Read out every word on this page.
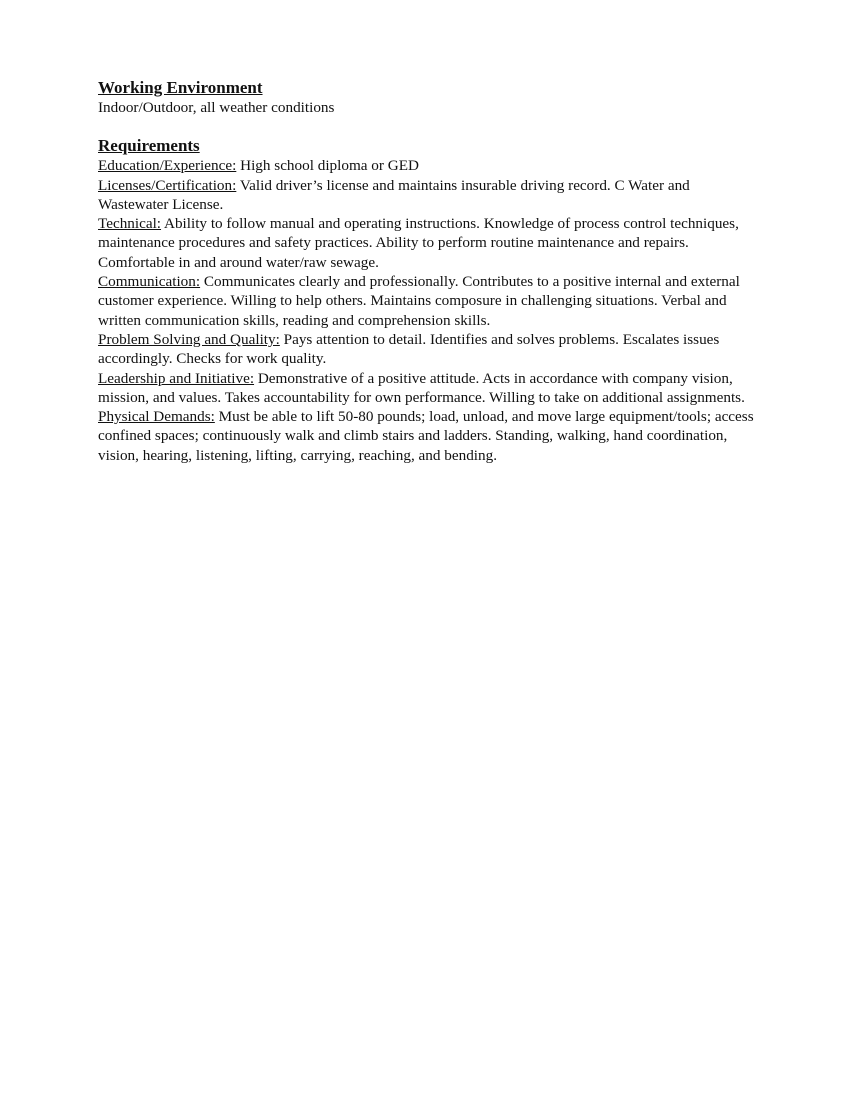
Working Environment

Indoor/Outdoor, all weather conditions

Requirements

Education/Experience: High school diploma or GED

Licenses/Certification: Valid driver’s license and maintains insurable driving record. C Water and Wastewater License.

Technical: Ability to follow manual and operating instructions. Knowledge of process control techniques, maintenance procedures and safety practices. Ability to perform routine maintenance and repairs. Comfortable in and around water/raw sewage.

Communication: Communicates clearly and professionally. Contributes to a positive internal and external customer experience. Willing to help others. Maintains composure in challenging situations. Verbal and written communication skills, reading and comprehension skills.

Problem Solving and Quality: Pays attention to detail. Identifies and solves problems. Escalates issues accordingly. Checks for work quality.

Leadership and Initiative: Demonstrative of a positive attitude. Acts in accordance with company vision, mission, and values. Takes accountability for own performance. Willing to take on additional assignments.

Physical Demands: Must be able to lift 50-80 pounds; load, unload, and move large equipment/tools; access confined spaces; continuously walk and climb stairs and ladders. Standing, walking, hand coordination, vision, hearing, listening, lifting, carrying, reaching, and bending.
